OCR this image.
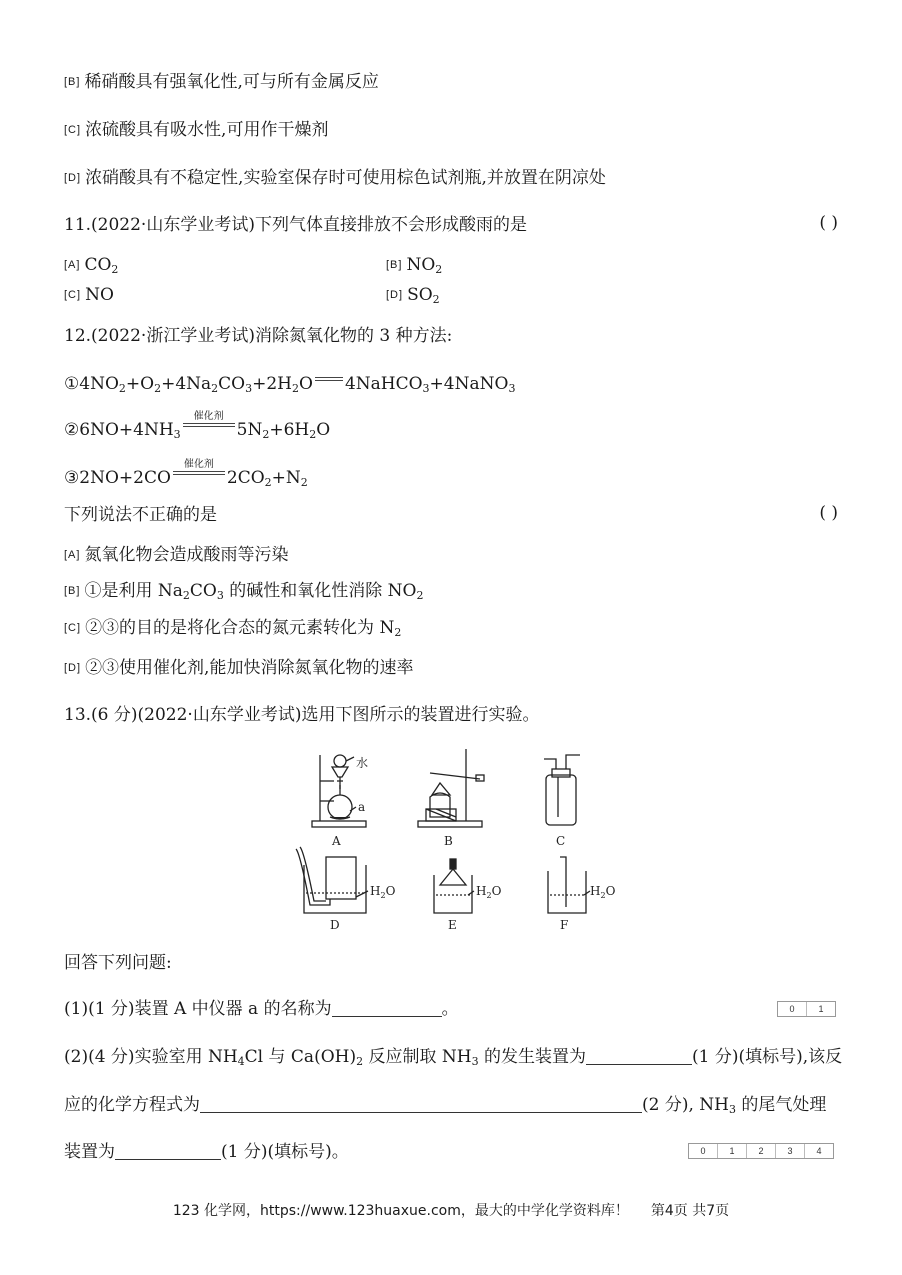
[B] 稀硝酸具有强氧化性,可与所有金属反应
[C] 浓硫酸具有吸水性,可用作干燥剂
[D] 浓硝酸具有不稳定性,实验室保存时可使用棕色试剂瓶,并放置在阴凉处
11.(2022·山东学业考试)下列气体直接排放不会形成酸雨的是	( )
[A] $CO_2$	[B] $NO_2$
[C] NO	[D] $SO_2$
12.(2022·浙江学业考试)消除氮氧化物的 3 种方法:
$①4NO_2+O_2+4Na_2CO_3+2H_2O$ 4NaHCO$_3$+4NaNO$_3$
$②6NO+4NH_3$
催化剂
$5N_2+6H_2O$
③2NO+2CO
催化剂
$2CO_2+N_2$
下列说法不正确的是	( )
[A] 氮氧化物会造成酸雨等污染
[B] ①是利用 $Na_2CO_3$ 的碱性和氧化性消除 $NO_2$
[C] ②③的目的是将化合态的氮元素转化为 $N_2$
[D] ②③使用催化剂,能加快消除氮氧化物的速率
13.(6 分)(2022·山东学业考试)选用下图所示的装置进行实验。
水
a
$H_2O$	$H_2O$	$H_2O$
A	B	C
D	E	F
回答下列问题:
(1)(1 分)装置 A 中仪器 a 的名称为	。	0	1
(2)(4 分)实验室用 $NH_4Cl$ 与 $Ca(OH)_2$ 反应制取 $NH_3$ 的发生装置为	(1 分)(填标号),该反
应的化学方程式为	(2 分), $NH_3$ 的尾气处理
装置为	(1 分)(填标号)。	0	1	2	3	4
123 化学网，https://www.123huaxue.com，最大的中学化学资料库！ 第4页 共7页
